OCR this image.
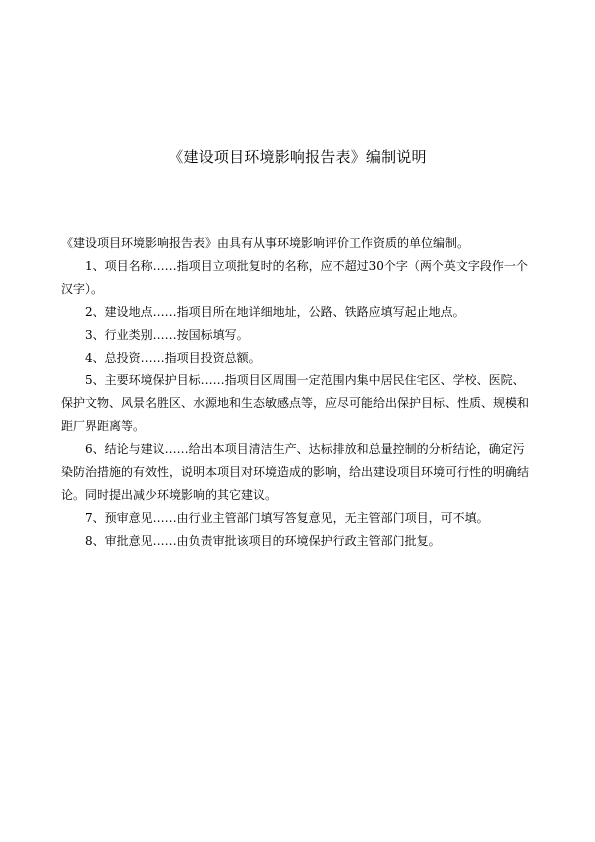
《建设项目环境影响报告表》编制说明

《建设项目环境影响报告表》由具有从事环境影响评价工作资质的单位编制。

1、项目名称……指项目立项批复时的名称，应不超过30个字（两个英文字段作一个汉字）。

2、建设地点……指项目所在地详细地址，公路、铁路应填写起止地点。

3、行业类别……按国标填写。

4、总投资……指项目投资总额。

5、主要环境保护目标……指项目区周围一定范围内集中居民住宅区、学校、医院、保护文物、风景名胜区、水源地和生态敏感点等，应尽可能给出保护目标、性质、规模和距厂界距离等。

6、结论与建议……给出本项目清洁生产、达标排放和总量控制的分析结论，确定污染防治措施的有效性，说明本项目对环境造成的影响，给出建设项目环境可行性的明确结论。同时提出减少环境影响的其它建议。

7、预审意见……由行业主管部门填写答复意见，无主管部门项目，可不填。

8、审批意见……由负责审批该项目的环境保护行政主管部门批复。
